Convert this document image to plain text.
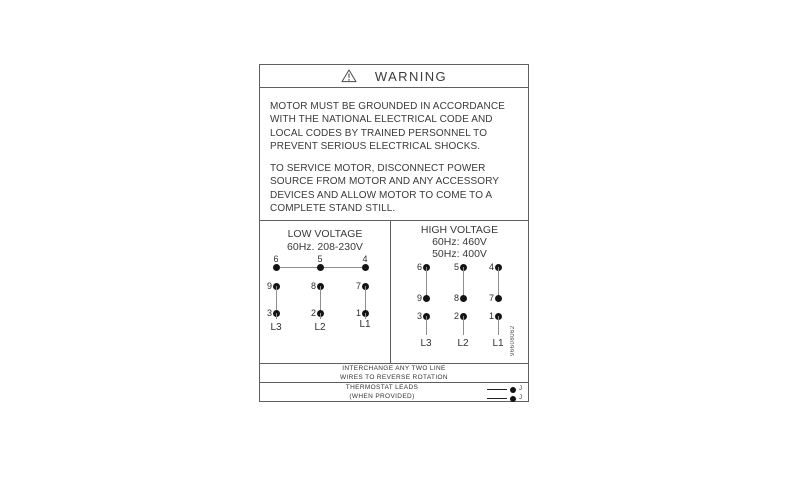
WARNING
MOTOR MUST BE GROUNDED IN ACCORDANCE
WITH THE NATIONAL ELECTRICAL CODE AND
LOCAL CODES BY TRAINED PERSONNEL TO
PREVENT SERIOUS ELECTRICAL SHOCKS.
TO SERVICE MOTOR, DISCONNECT POWER
SOURCE FROM MOTOR AND ANY ACCESSORY
DEVICES AND ALLOW MOTOR TO COME TO A
COMPLETE STAND STILL.
LOW VOLTAGE
60Hz. 208-230V
6	5	4
9	8	7
3	2	1
L3	L2	L1
HIGH VOLTAGE
60Hz: 460V
50Hz: 400V
6	5	4
9	8	7
3	2	1
L3	L2	L1	96608062
INTERCHANGE ANY TWO LINE
WIRES TO REVERSE ROTATION
THERMOSTAT LEADS
(WHEN PROVIDED)
J
J
